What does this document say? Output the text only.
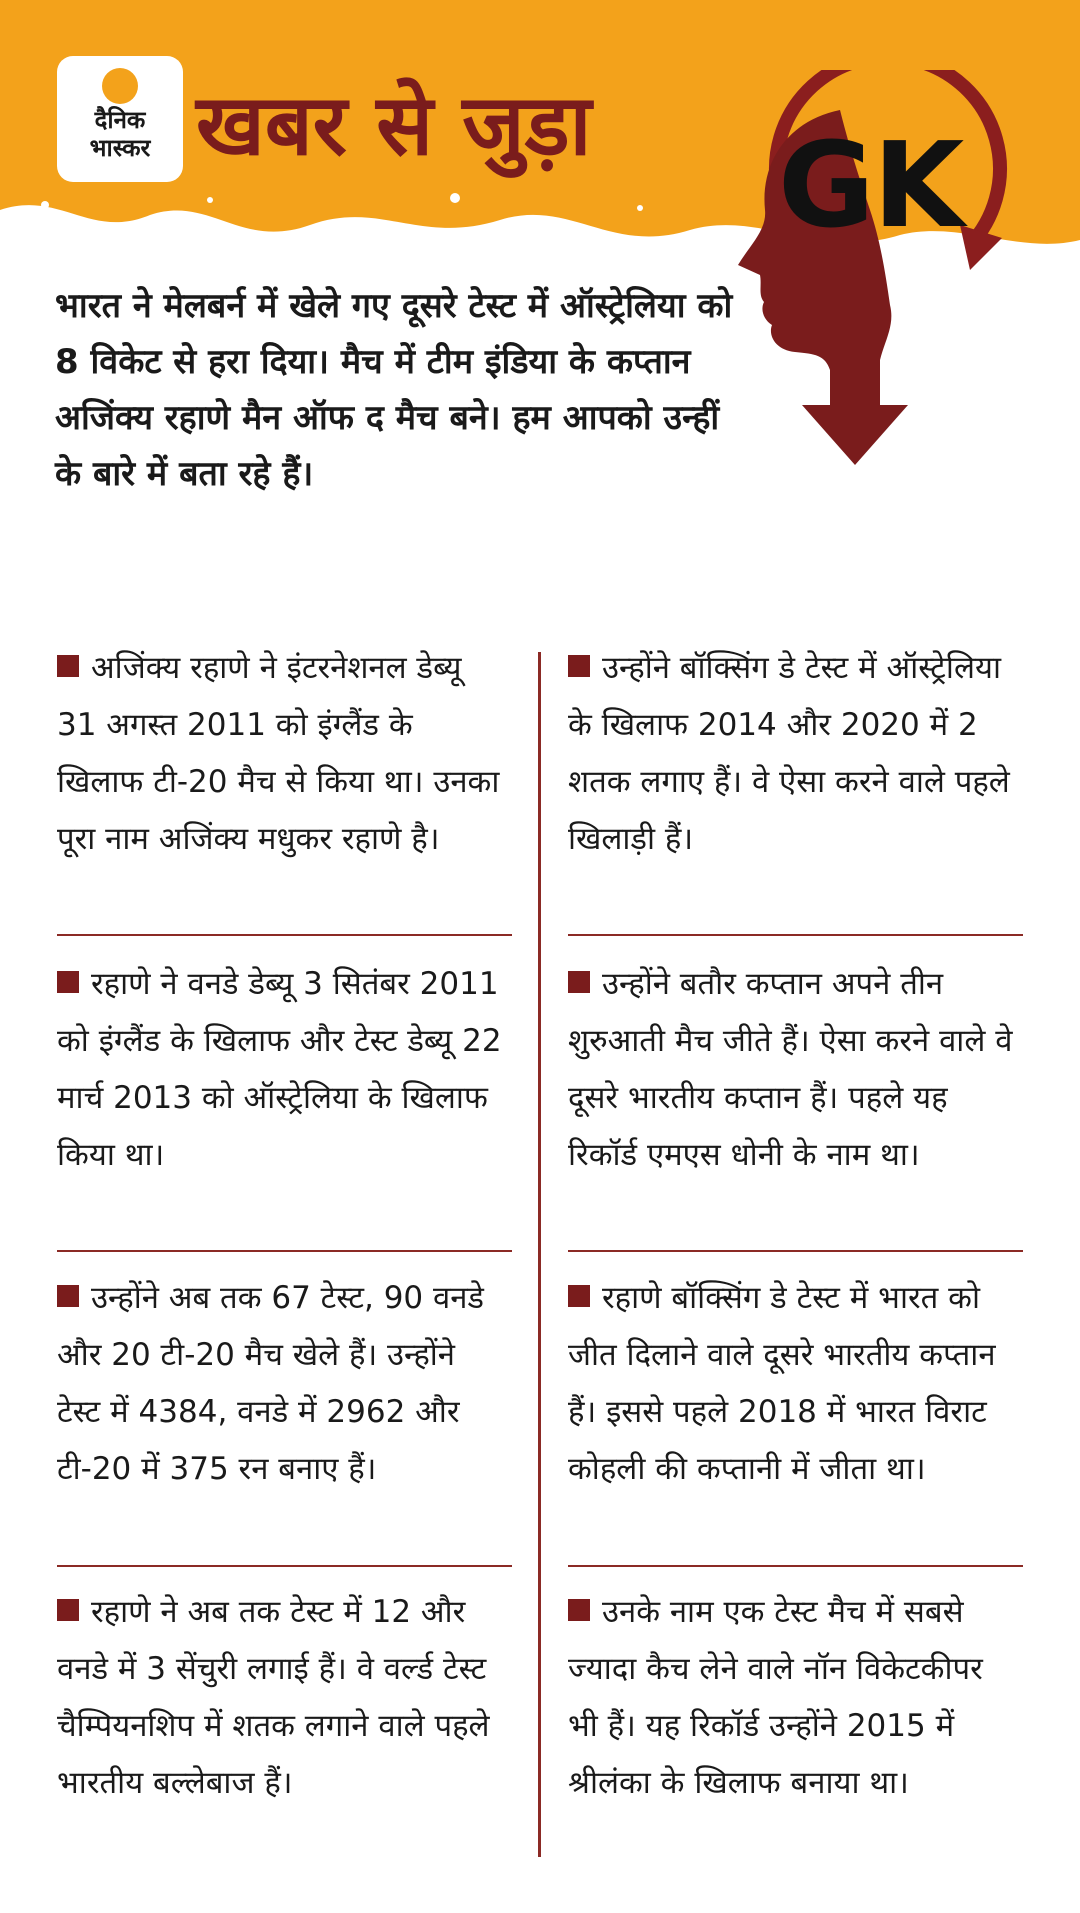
दैनिक
भास्कर खबर से जुड़ा GK
भारत ने मेलबर्न में खेले गए दूसरे टेस्ट में ऑस्ट्रेलिया को 8 विकेट से हरा दिया। मैच में टीम इंडिया के कप्तान अजिंक्य रहाणे मैन ऑफ द मैच बने। हम आपको उन्हीं के बारे में बता रहे हैं।
अजिंक्य रहाणे ने इंटरनेशनल डेब्यू 31 अगस्त 2011 को इंग्लैंड के खिलाफ टी-20 मैच से किया था। उनका पूरा नाम अजिंक्य मधुकर रहाणे है।
रहाणे ने वनडे डेब्यू 3 सितंबर 2011 को इंग्लैंड के खिलाफ और टेस्ट डेब्यू 22 मार्च 2013 को ऑस्ट्रेलिया के खिलाफ किया था।
उन्होंने अब तक 67 टेस्ट, 90 वनडे और 20 टी-20 मैच खेले हैं। उन्होंने टेस्ट में 4384, वनडे में 2962 और टी-20 में 375 रन बनाए हैं।
रहाणे ने अब तक टेस्ट में 12 और वनडे में 3 सेंचुरी लगाई हैं। वे वर्ल्ड टेस्ट चैम्पियनशिप में शतक लगाने वाले पहले भारतीय बल्लेबाज हैं।
उन्होंने बॉक्सिंग डे टेस्ट में ऑस्ट्रेलिया के खिलाफ 2014 और 2020 में 2 शतक लगाए हैं। वे ऐसा करने वाले पहले खिलाड़ी हैं।
उन्होंने बतौर कप्तान अपने तीन शुरुआती मैच जीते हैं। ऐसा करने वाले वे दूसरे भारतीय कप्तान हैं। पहले यह रिकॉर्ड एमएस धोनी के नाम था।
रहाणे बॉक्सिंग डे टेस्ट में भारत को जीत दिलाने वाले दूसरे भारतीय कप्तान हैं। इससे पहले 2018 में भारत विराट कोहली की कप्तानी में जीता था।
उनके नाम एक टेस्ट मैच में सबसे ज्यादा कैच लेने वाले नॉन विकेटकीपर भी हैं। यह रिकॉर्ड उन्होंने 2015 में श्रीलंका के खिलाफ बनाया था।
